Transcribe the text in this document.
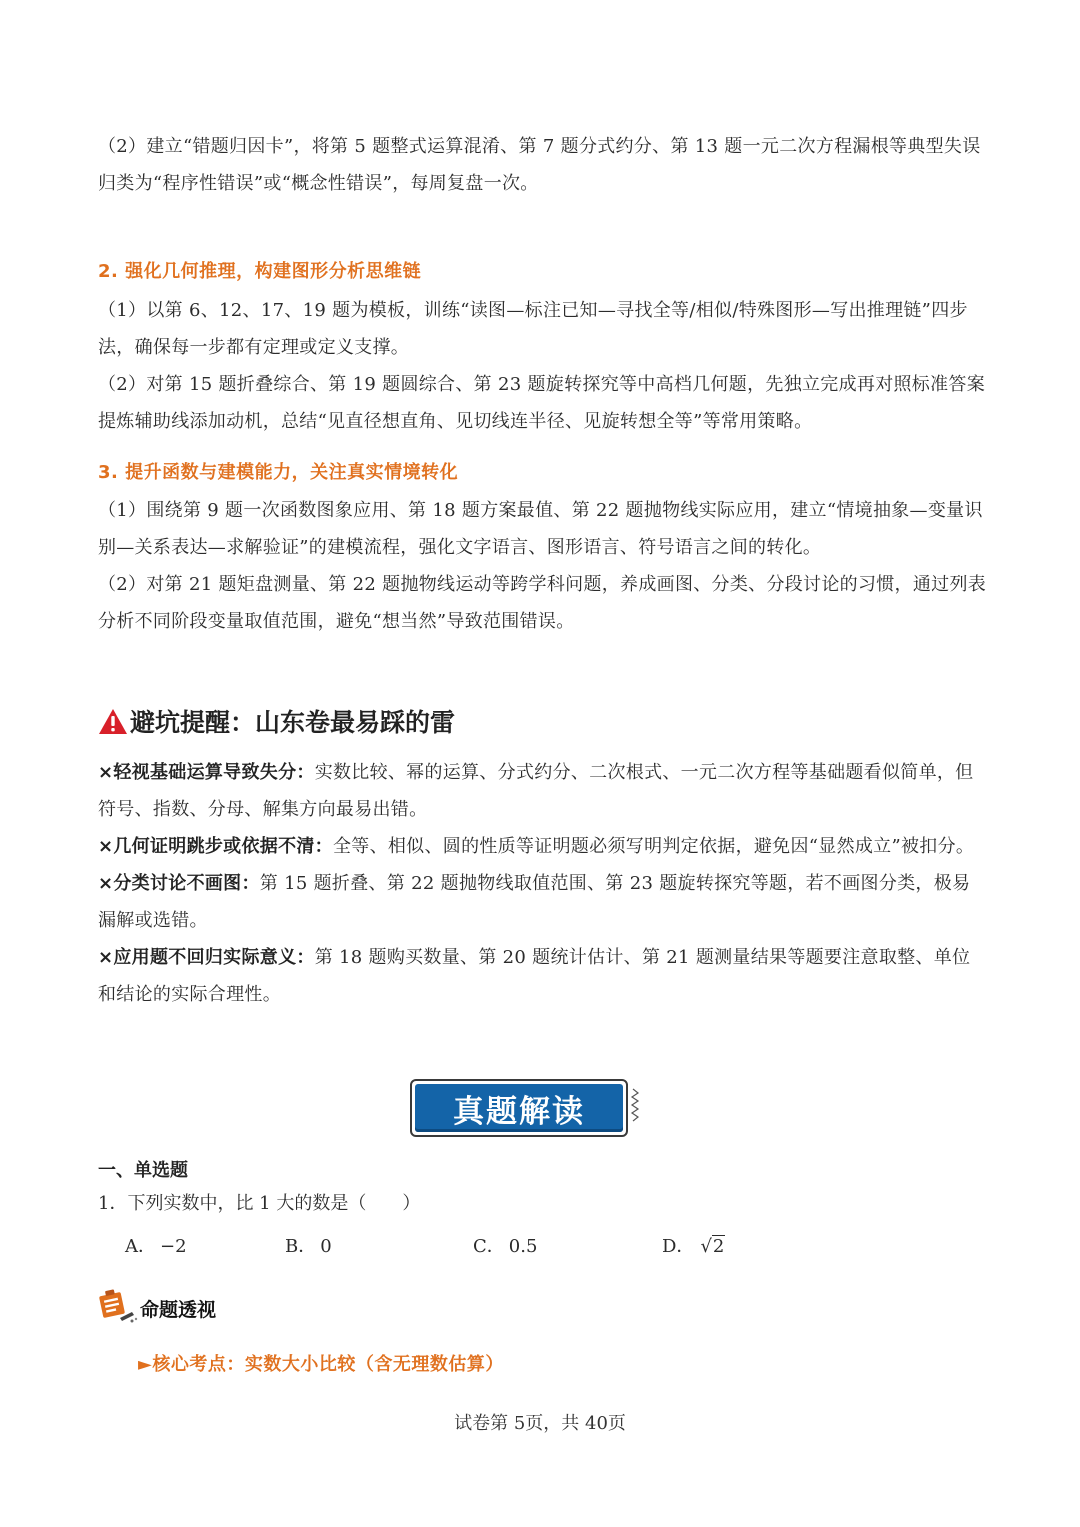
（2）建立“错题归因卡”，将第 5 题整式运算混淆、第 7 题分式约分、第 13 题一元二次方程漏根等典型失误归类为“程序性错误”或“概念性错误”，每周复盘一次。

2. 强化几何推理，构建图形分析思维链

（1）以第 6、12、17、19 题为模板，训练“读图—标注已知—寻找全等/相似/特殊图形—写出推理链”四步法，确保每一步都有定理或定义支撑。

（2）对第 15 题折叠综合、第 19 题圆综合、第 23 题旋转探究等中高档几何题，先独立完成再对照标准答案提炼辅助线添加动机，总结“见直径想直角、见切线连半径、见旋转想全等”等常用策略。

3. 提升函数与建模能力，关注真实情境转化

（1）围绕第 9 题一次函数图象应用、第 18 题方案最值、第 22 题抛物线实际应用，建立“情境抽象—变量识别—关系表达—求解验证”的建模流程，强化文字语言、图形语言、符号语言之间的转化。

（2）对第 21 题矩盘测量、第 22 题抛物线运动等跨学科问题，养成画图、分类、分段讨论的习惯，通过列表分析不同阶段变量取值范围，避免“想当然”导致范围错误。

避坑提醒：山东卷最易踩的雷

×轻视基础运算导致失分：实数比较、幂的运算、分式约分、二次根式、一元二次方程等基础题看似简单，但符号、指数、分母、解集方向最易出错。

×几何证明跳步或依据不清：全等、相似、圆的性质等证明题必须写明判定依据，避免因“显然成立”被扣分。

×分类讨论不画图：第 15 题折叠、第 22 题抛物线取值范围、第 23 题旋转探究等题，若不画图分类，极易漏解或选错。

×应用题不回归实际意义：第 18 题购买数量、第 20 题统计估计、第 21 题测量结果等题要注意取整、单位和结论的实际合理性。

真题解读
一、单选题
1．下列实数中，比 1 大的数是（　　）
A． −2	B． 0	C． 0.5	D． √2
命题透视
►核心考点：实数大小比较（含无理数估算）
试卷第 5页，共 40页
